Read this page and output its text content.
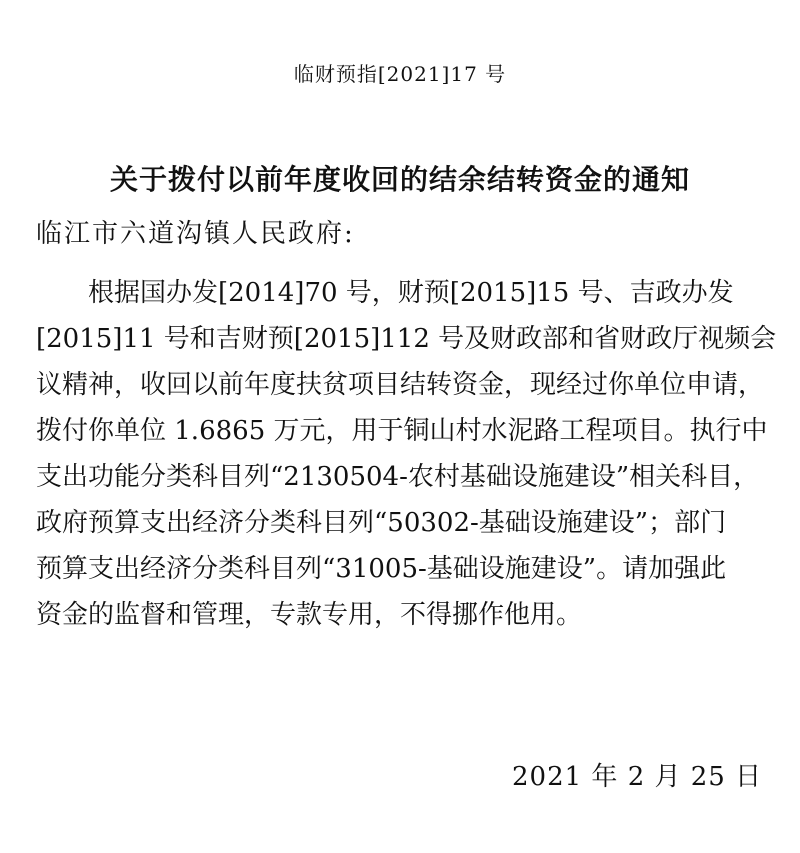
临财预指[2021]17 号
关于拨付以前年度收回的结余结转资金的通知
临江市六道沟镇人民政府:
根据国办发[2014]70 号，财预[2015]15 号、吉政办发
[2015]11 号和吉财预[2015]112 号及财政部和省财政厅视频会
议精神，收回以前年度扶贫项目结转资金，现经过你单位申请，
拨付你单位 1.6865 万元，用于铜山村水泥路工程项目。执行中
支出功能分类科目列“2130504-农村基础设施建设”相关科目，
政府预算支出经济分类科目列“50302-基础设施建设”；部门
预算支出经济分类科目列“31005-基础设施建设”。请加强此
资金的监督和管理，专款专用，不得挪作他用。
2021 年 2 月 25 日
